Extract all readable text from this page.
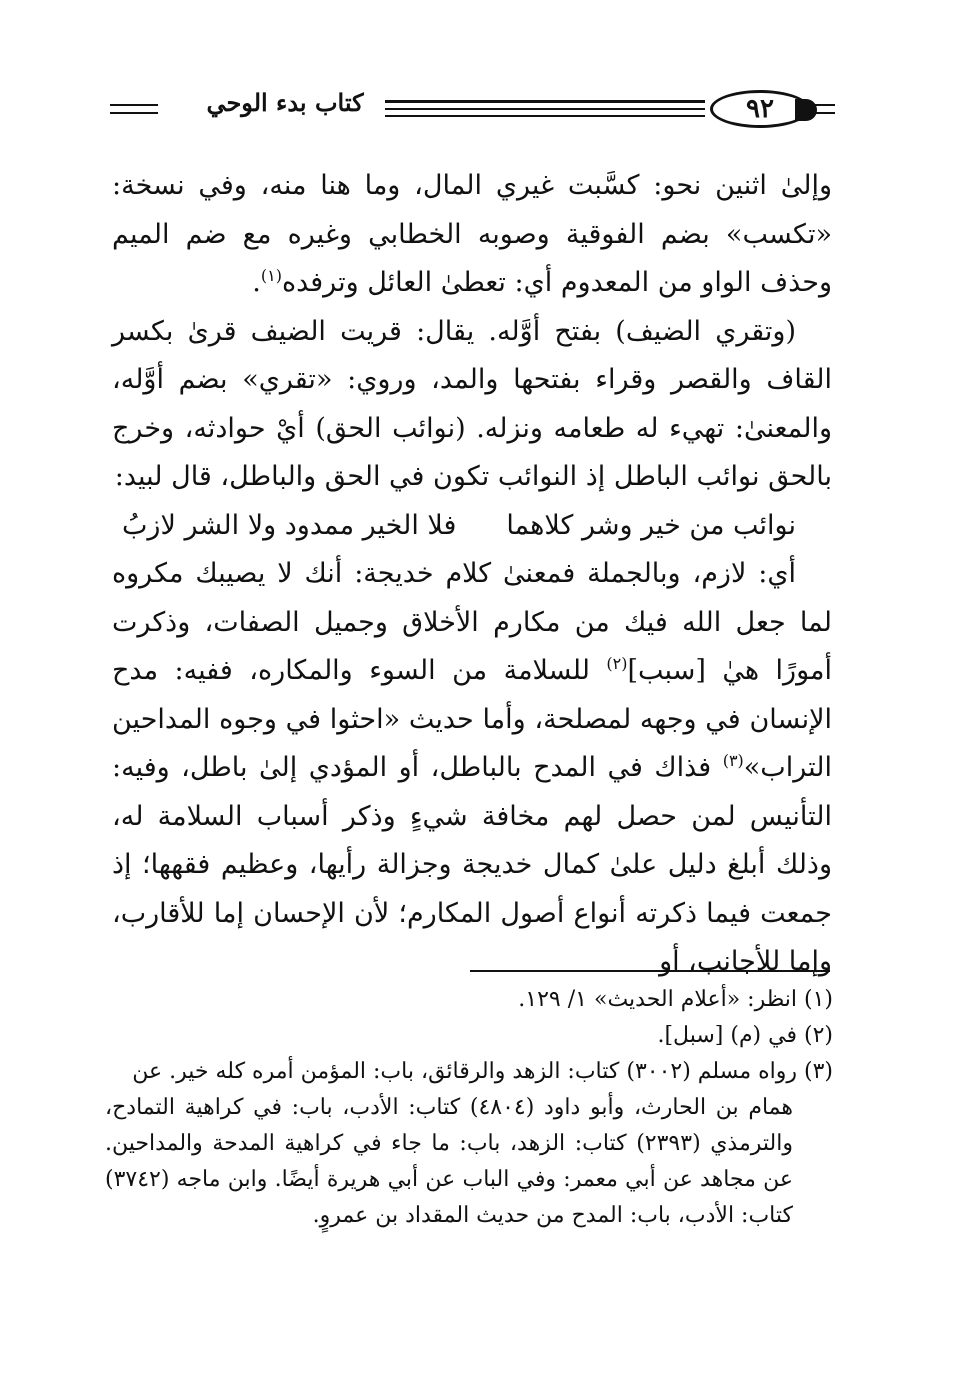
كتاب بدء الوحي	٩٢

وإلىٰ اثنين نحو: كسَّبت غيري المال، وما هنا منه، وفي نسخة: «تكسب» بضم الفوقية وصوبه الخطابي وغيره مع ضم الميم وحذف الواو من المعدوم أي: تعطىٰ العائل وترفده$^{(١)}$.

(وتقري الضيف) بفتح أوَّله. يقال: قريت الضيف قرىٰ بكسر القاف والقصر وقراء بفتحها والمد، وروي: «تقري» بضم أوَّله، والمعنىٰ: تهيء له طعامه ونزله. (نوائب الحق) أيْ حوادثه، وخرج بالحق نوائب الباطل إذ النوائب تكون في الحق والباطل، قال لبيد:

نوائب من خير وشر كلاهما
فلا الخير ممدود ولا الشر لازبُ

أي: لازم، وبالجملة فمعنىٰ كلام خديجة: أنك لا يصيبك مكروه لما جعل الله فيك من مكارم الأخلاق وجميل الصفات، وذكرت أمورًا هيٰ [سبب]$^{(٢)}$ للسلامة من السوء والمكاره، ففيه: مدح الإنسان في وجهه لمصلحة، وأما حديث «احثوا في وجوه المداحين التراب»$^{(٣)}$ فذاك في المدح بالباطل، أو المؤدي إلىٰ باطل، وفيه: التأنيس لمن حصل لهم مخافة شيءٍ وذكر أسباب السلامة له، وذلك أبلغ دليل علىٰ كمال خديجة وجزالة رأيها، وعظيم فقهها؛ إذ جمعت فيما ذكرته أنواع أصول المكارم؛ لأن الإحسان إما للأقارب، وإما للأجانب، أو

(١) انظر: «أعلام الحديث» ١/ ١٢٩.

(٢) في (م) [سبل].

(٣) رواه مسلم (٣٠٠٢) كتاب: الزهد والرقائق، باب: المؤمن أمره كله خير. عن

همام بن الحارث، وأبو داود (٤٨٠٤) كتاب: الأدب، باب: في كراهية التمادح، والترمذي (٢٣٩٣) كتاب: الزهد، باب: ما جاء في كراهية المدحة والمداحين. عن مجاهد عن أبي معمر: وفي الباب عن أبي هريرة أيضًا. وابن ماجه (٣٧٤٢) كتاب: الأدب، باب: المدح من حديث المقداد بن عمروٍ.
